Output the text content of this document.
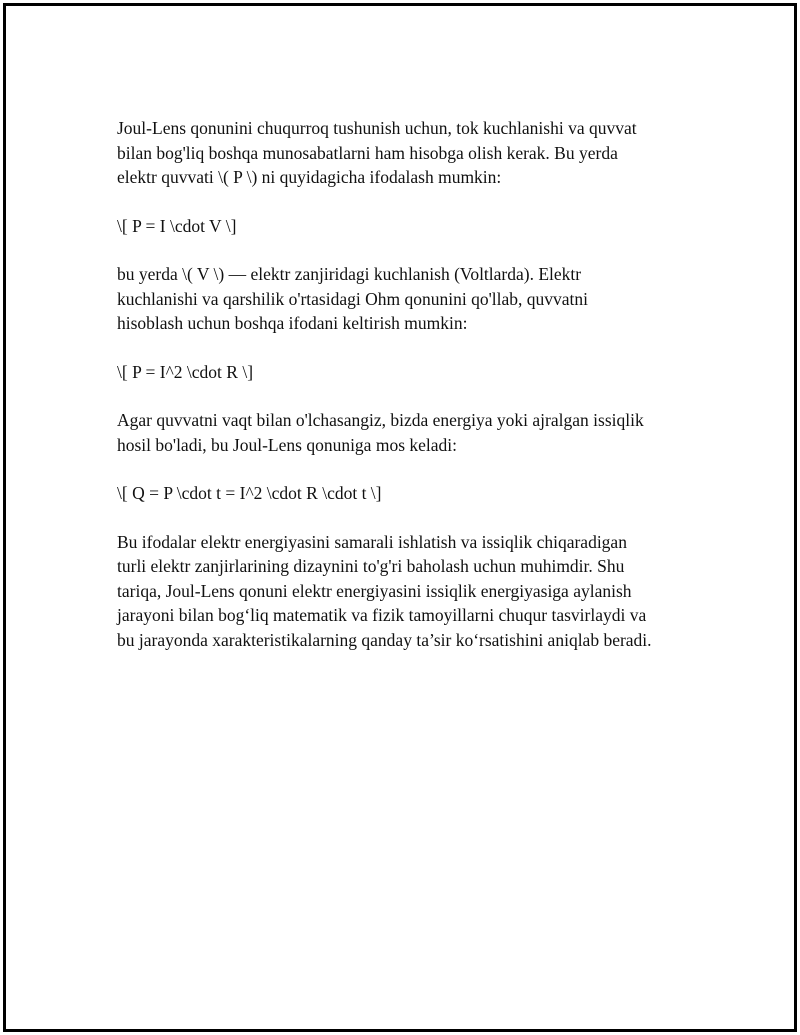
Joul-Lens qonunini chuqurroq tushunish uchun, tok kuchlanishi va quvvat
bilan bog'liq boshqa munosabatlarni ham hisobga olish kerak. Bu yerda
elektr quvvati \( P \) ni quyidagicha ifodalash mumkin:

\[ P = I \cdot V \]

bu yerda \( V \) — elektr zanjiridagi kuchlanish (Voltlarda). Elektr
kuchlanishi va qarshilik o'rtasidagi Ohm qonunini qo'llab, quvvatni
hisoblash uchun boshqa ifodani keltirish mumkin:

\[ P = I^2 \cdot R \]

Agar quvvatni vaqt bilan o'lchasangiz, bizda energiya yoki ajralgan issiqlik
hosil bo'ladi, bu Joul-Lens qonuniga mos keladi:

\[ Q = P \cdot t = I^2 \cdot R \cdot t \]

Bu ifodalar elektr energiyasini samarali ishlatish va issiqlik chiqaradigan
turli elektr zanjirlarining dizaynini to'g'ri baholash uchun muhimdir. Shu
tariqa, Joul-Lens qonuni elektr energiyasini issiqlik energiyasiga aylanish
jarayoni bilan bog‘liq matematik va fizik tamoyillarni chuqur tasvirlaydi va
bu jarayonda xarakteristikalarning qanday ta’sir ko‘rsatishini aniqlab beradi.
